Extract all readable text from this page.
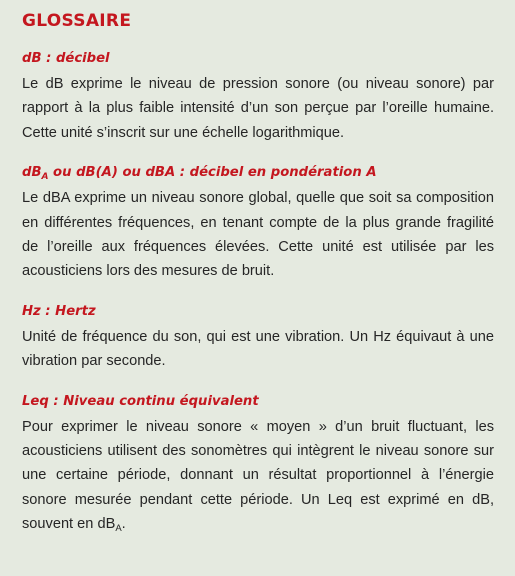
GLOSSAIRE

dB : décibel

Le dB exprime le niveau de pression sonore (ou niveau sonore) par rapport à la plus faible intensité d’un son perçue par l’oreille humaine. Cette unité s’inscrit sur une échelle logarithmique.

$dB_A$ ou dB(A) ou dBA : décibel en pondération A

Le dBA exprime un niveau sonore global, quelle que soit sa composition en différentes fréquences, en tenant compte de la plus grande fragilité de l’oreille aux fréquences élevées. Cette unité est utilisée par les acousticiens lors des mesures de bruit.

Hz : Hertz

Unité de fréquence du son, qui est une vibration. Un Hz équivaut à une vibration par seconde.

Leq : Niveau continu équivalent

Pour exprimer le niveau sonore « moyen » d’un bruit fluctuant, les acousticiens utilisent des sonomètres qui intègrent le niveau sonore sur une certaine période, donnant un résultat proportionnel à l’énergie sonore mesurée pendant cette période. Un Leq est exprimé en dB, souvent en $dB_A$.
